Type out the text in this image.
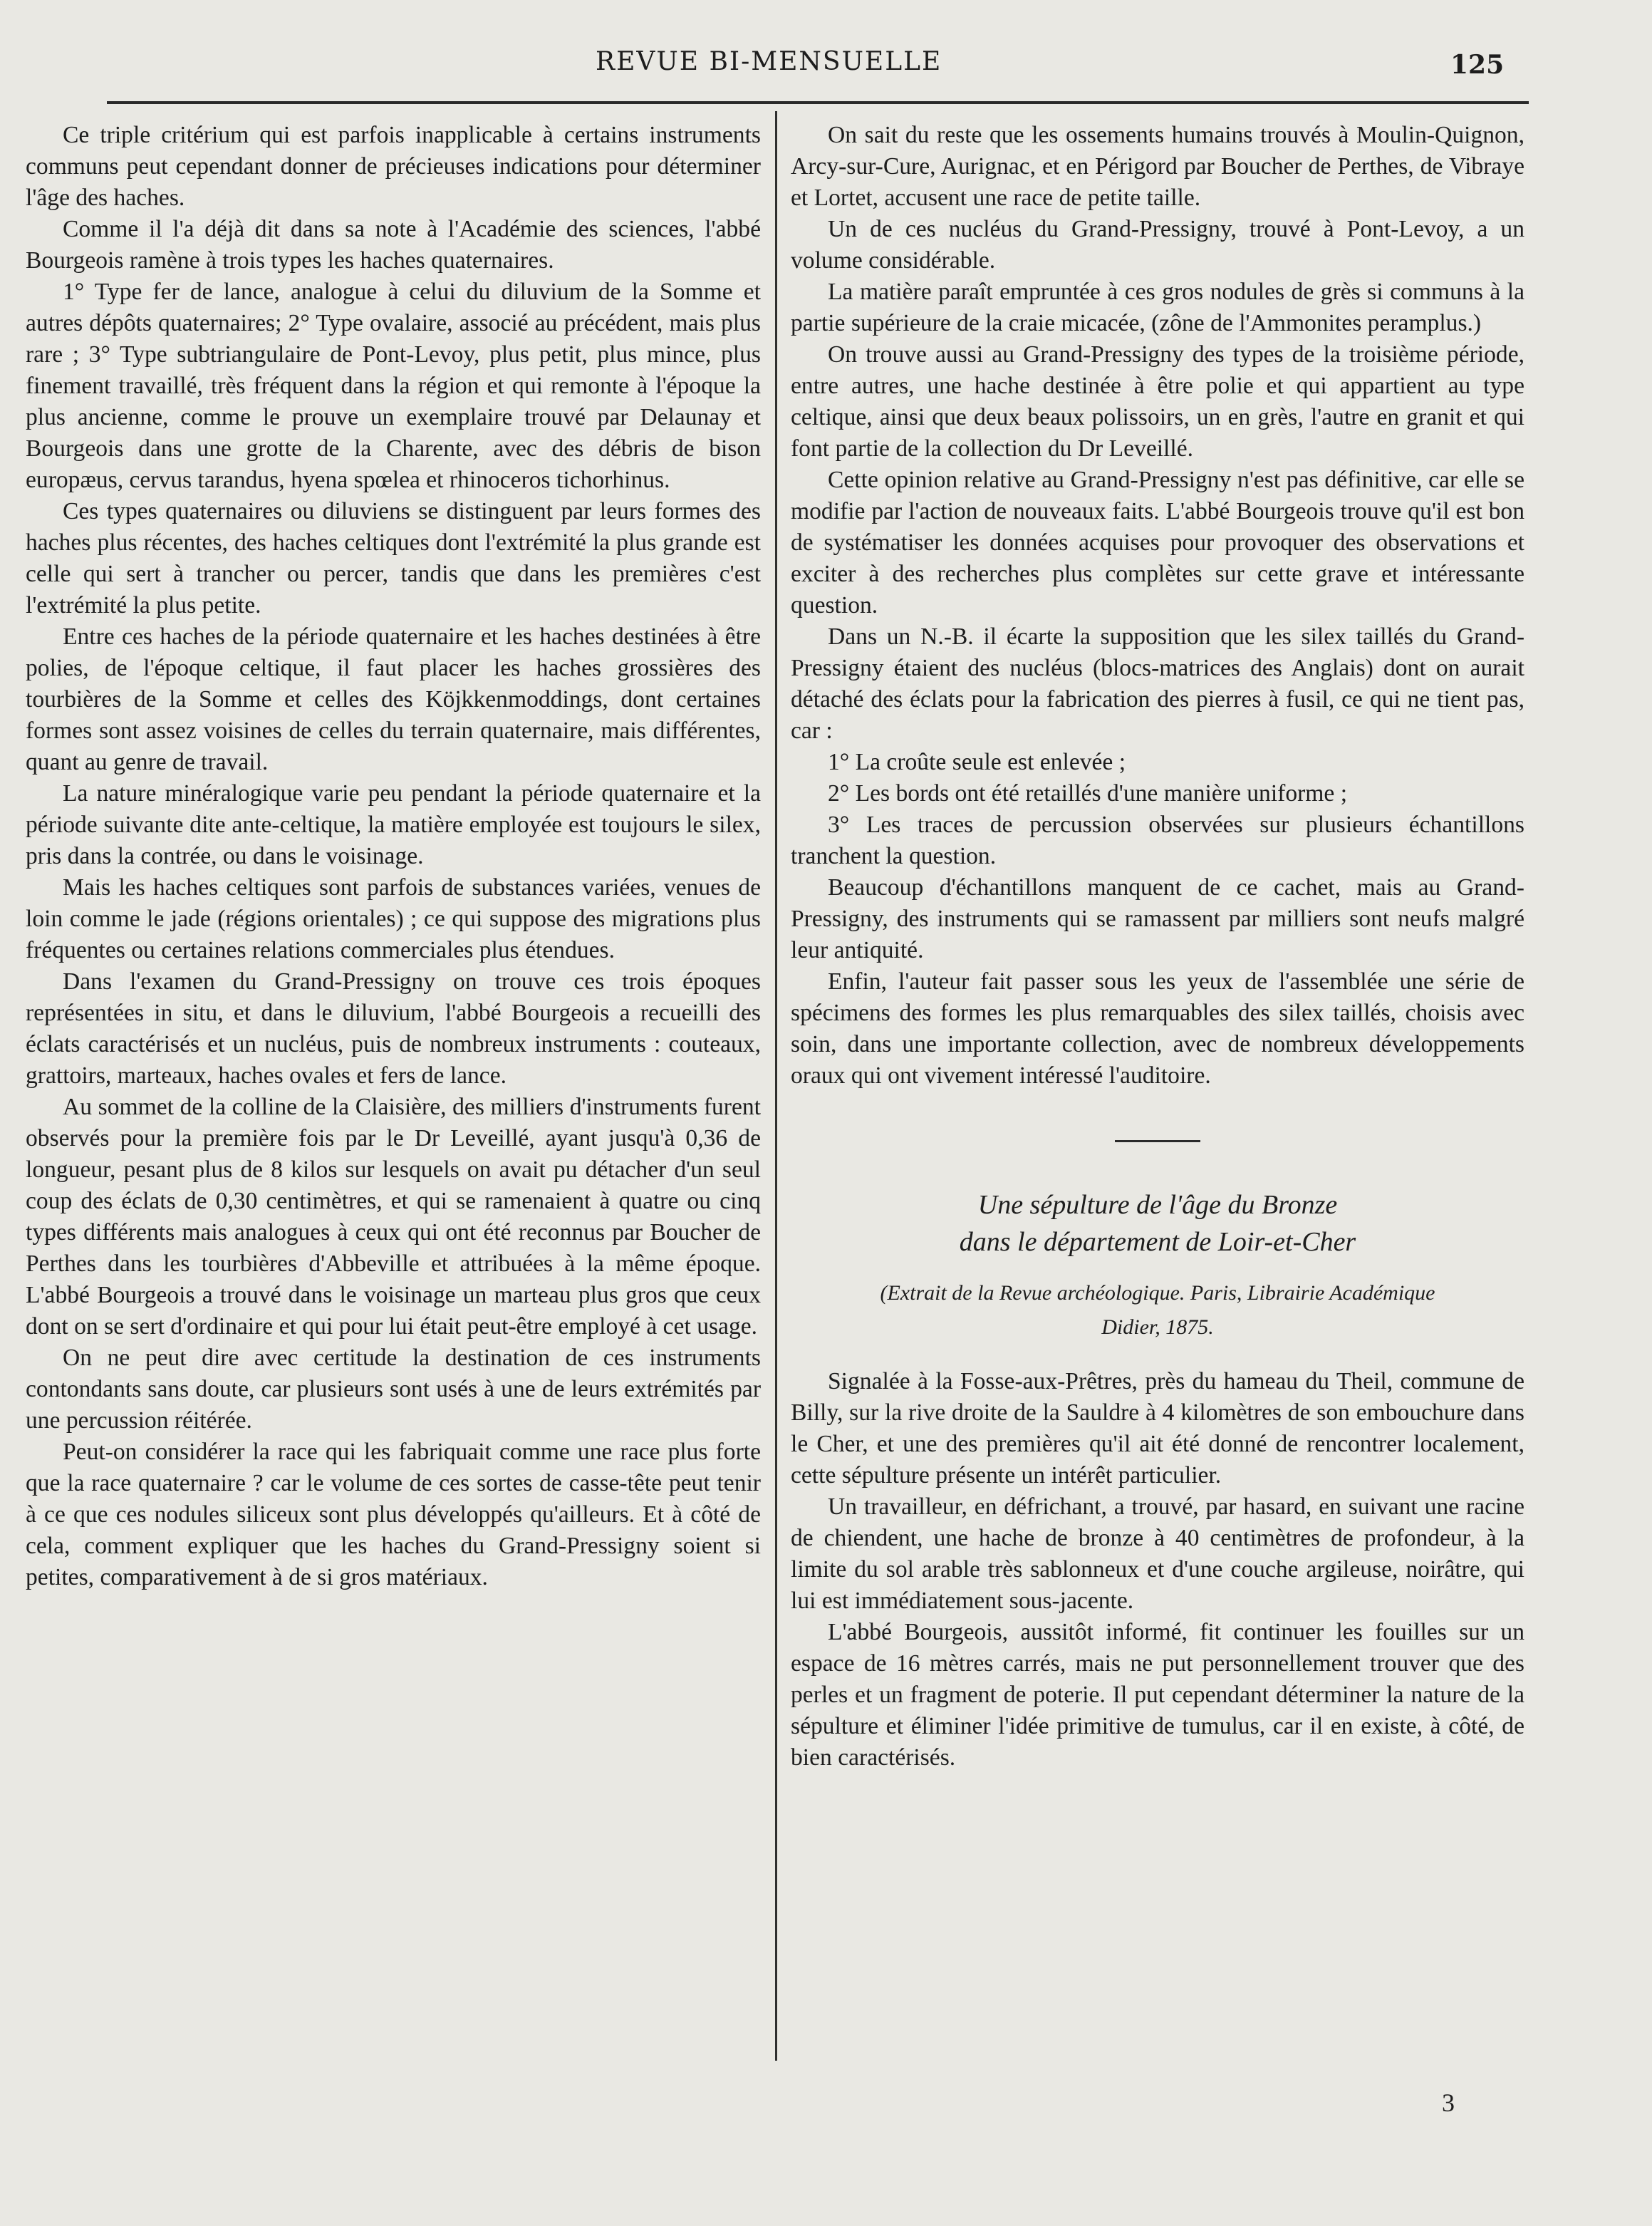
REVUE BI-MENSUELLE	125

Ce triple critérium qui est parfois inapplicable à certains instruments communs peut cependant donner de précieuses indications pour déterminer l'âge des haches.

Comme il l'a déjà dit dans sa note à l'Académie des sciences, l'abbé Bourgeois ramène à trois types les haches quaternaires.

1° Type fer de lance, analogue à celui du diluvium de la Somme et autres dépôts quaternaires; 2° Type ovalaire, associé au précédent, mais plus rare ; 3° Type subtriangulaire de Pont-Levoy, plus petit, plus mince, plus finement travaillé, très fréquent dans la région et qui remonte à l'époque la plus ancienne, comme le prouve un exemplaire trouvé par Delaunay et Bourgeois dans une grotte de la Charente, avec des débris de bison europæus, cervus tarandus, hyena spœlea et rhinoceros tichorhinus.

Ces types quaternaires ou diluviens se distinguent par leurs formes des haches plus récentes, des haches celtiques dont l'extrémité la plus grande est celle qui sert à trancher ou percer, tandis que dans les premières c'est l'extrémité la plus petite.

Entre ces haches de la période quaternaire et les haches destinées à être polies, de l'époque celtique, il faut placer les haches grossières des tourbières de la Somme et celles des Köjkkenmoddings, dont certaines formes sont assez voisines de celles du terrain quaternaire, mais différentes, quant au genre de travail.

La nature minéralogique varie peu pendant la période quaternaire et la période suivante dite ante-celtique, la matière employée est toujours le silex, pris dans la contrée, ou dans le voisinage.

Mais les haches celtiques sont parfois de substances variées, venues de loin comme le jade (régions orientales) ; ce qui suppose des migrations plus fréquentes ou certaines relations commerciales plus étendues.

Dans l'examen du Grand-Pressigny on trouve ces trois époques représentées in situ, et dans le diluvium, l'abbé Bourgeois a recueilli des éclats caractérisés et un nucléus, puis de nombreux instruments : couteaux, grattoirs, marteaux, haches ovales et fers de lance.

Au sommet de la colline de la Claisière, des milliers d'instruments furent observés pour la première fois par le Dr Leveillé, ayant jusqu'à 0,36 de longueur, pesant plus de 8 kilos sur lesquels on avait pu détacher d'un seul coup des éclats de 0,30 centimètres, et qui se ramenaient à quatre ou cinq types différents mais analogues à ceux qui ont été reconnus par Boucher de Perthes dans les tourbières d'Abbeville et attribuées à la même époque. L'abbé Bourgeois a trouvé dans le voisinage un marteau plus gros que ceux dont on se sert d'ordinaire et qui pour lui était peut-être employé à cet usage.

On ne peut dire avec certitude la destination de ces instruments contondants sans doute, car plusieurs sont usés à une de leurs extrémités par une percussion réitérée.

Peut-on considérer la race qui les fabriquait comme une race plus forte que la race quaternaire ? car le volume de ces sortes de casse-tête peut tenir à ce que ces nodules siliceux sont plus développés qu'ailleurs. Et à côté de cela, comment expliquer que les haches du Grand-Pressigny soient si petites, comparativement à de si gros matériaux.

On sait du reste que les ossements humains trouvés à Moulin-Quignon, Arcy-sur-Cure, Aurignac, et en Périgord par Boucher de Perthes, de Vibraye et Lortet, accusent une race de petite taille.

Un de ces nucléus du Grand-Pressigny, trouvé à Pont-Levoy, a un volume considérable.

La matière paraît empruntée à ces gros nodules de grès si communs à la partie supérieure de la craie micacée, (zône de l'Ammonites peramplus.)

On trouve aussi au Grand-Pressigny des types de la troisième période, entre autres, une hache destinée à être polie et qui appartient au type celtique, ainsi que deux beaux polissoirs, un en grès, l'autre en granit et qui font partie de la collection du Dr Leveillé.

Cette opinion relative au Grand-Pressigny n'est pas définitive, car elle se modifie par l'action de nouveaux faits. L'abbé Bourgeois trouve qu'il est bon de systématiser les données acquises pour provoquer des observations et exciter à des recherches plus complètes sur cette grave et intéressante question.

Dans un N.-B. il écarte la supposition que les silex taillés du Grand-Pressigny étaient des nucléus (blocs-matrices des Anglais) dont on aurait détaché des éclats pour la fabrication des pierres à fusil, ce qui ne tient pas, car :

1° La croûte seule est enlevée ;

2° Les bords ont été retaillés d'une manière uniforme ;

3° Les traces de percussion observées sur plusieurs échantillons tranchent la question.

Beaucoup d'échantillons manquent de ce cachet, mais au Grand-Pressigny, des instruments qui se ramassent par milliers sont neufs malgré leur antiquité.

Enfin, l'auteur fait passer sous les yeux de l'assemblée une série de spécimens des formes les plus remarquables des silex taillés, choisis avec soin, dans une importante collection, avec de nombreux développements oraux qui ont vivement intéressé l'auditoire.

Une sépulture de l'âge du Bronze
dans le département de Loir-et-Cher

(Extrait de la Revue archéologique. Paris, Librairie Académique
Didier, 1875.

Signalée à la Fosse-aux-Prêtres, près du hameau du Theil, commune de Billy, sur la rive droite de la Sauldre à 4 kilomètres de son embouchure dans le Cher, et une des premières qu'il ait été donné de rencontrer localement, cette sépulture présente un intérêt particulier.

Un travailleur, en défrichant, a trouvé, par hasard, en suivant une racine de chiendent, une hache de bronze à 40 centimètres de profondeur, à la limite du sol arable très sablonneux et d'une couche argileuse, noirâtre, qui lui est immédiatement sous-jacente.

L'abbé Bourgeois, aussitôt informé, fit continuer les fouilles sur un espace de 16 mètres carrés, mais ne put personnellement trouver que des perles et un fragment de poterie. Il put cependant déterminer la nature de la sépulture et éliminer l'idée primitive de tumulus, car il en existe, à côté, de bien caractérisés.

3
